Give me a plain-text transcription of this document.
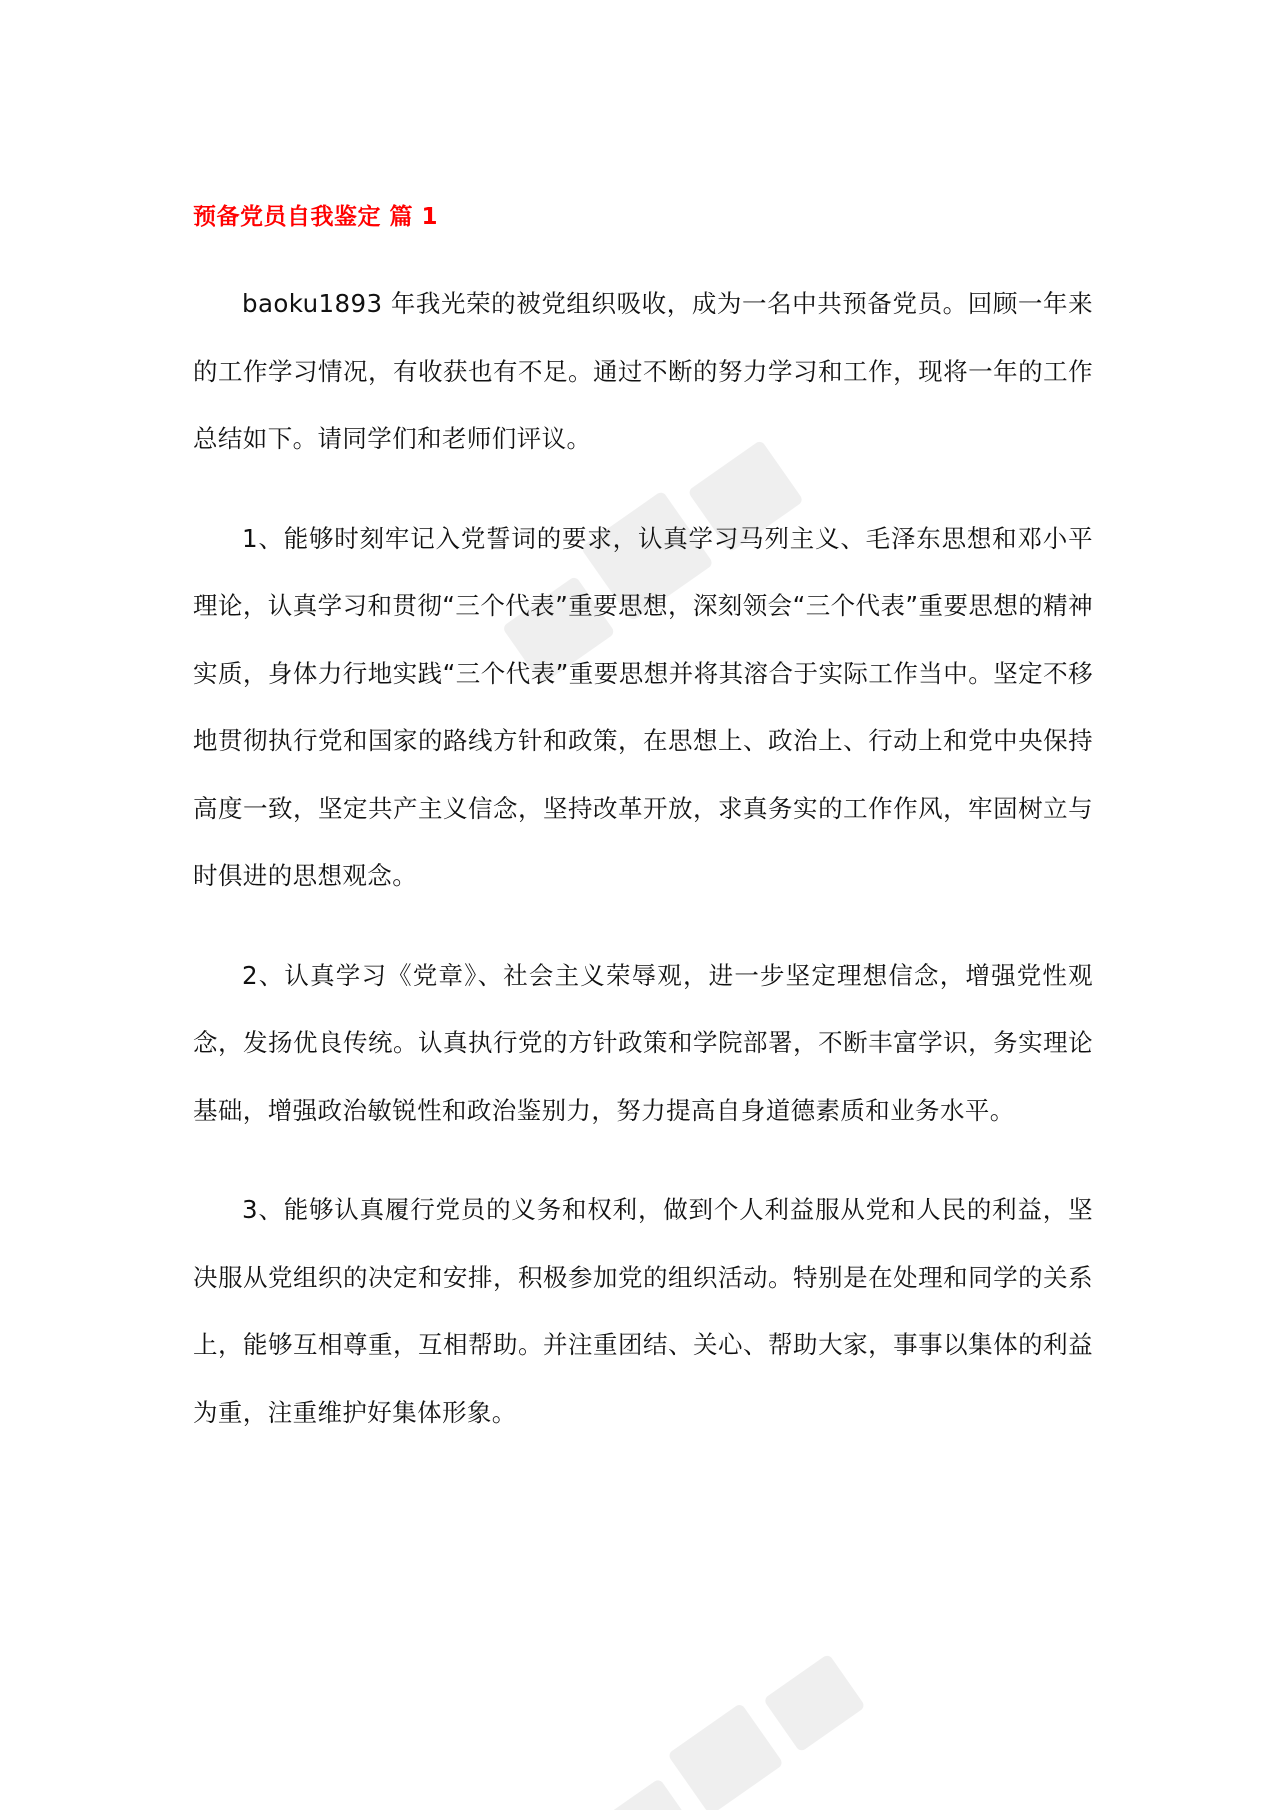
预备党员自我鉴定 篇 1

baoku1893 年我光荣的被党组织吸收，成为一名中共预备党员。回顾一年来的工作学习情况，有收获也有不足。通过不断的努力学习和工作，现将一年的工作总结如下。请同学们和老师们评议。

1、能够时刻牢记入党誓词的要求，认真学习马列主义、毛泽东思想和邓小平理论，认真学习和贯彻“三个代表”重要思想，深刻领会“三个代表”重要思想的精神实质，身体力行地实践“三个代表”重要思想并将其溶合于实际工作当中。坚定不移地贯彻执行党和国家的路线方针和政策，在思想上、政治上、行动上和党中央保持高度一致，坚定共产主义信念，坚持改革开放，求真务实的工作作风，牢固树立与时俱进的思想观念。

2、认真学习《党章》、社会主义荣辱观，进一步坚定理想信念，增强党性观念，发扬优良传统。认真执行党的方针政策和学院部署，不断丰富学识，务实理论基础，增强政治敏锐性和政治鉴别力，努力提高自身道德素质和业务水平。

3、能够认真履行党员的义务和权利，做到个人利益服从党和人民的利益，坚决服从党组织的决定和安排，积极参加党的组织活动。特别是在处理和同学的关系上，能够互相尊重，互相帮助。并注重团结、关心、帮助大家，事事以集体的利益为重，注重维护好集体形象。
